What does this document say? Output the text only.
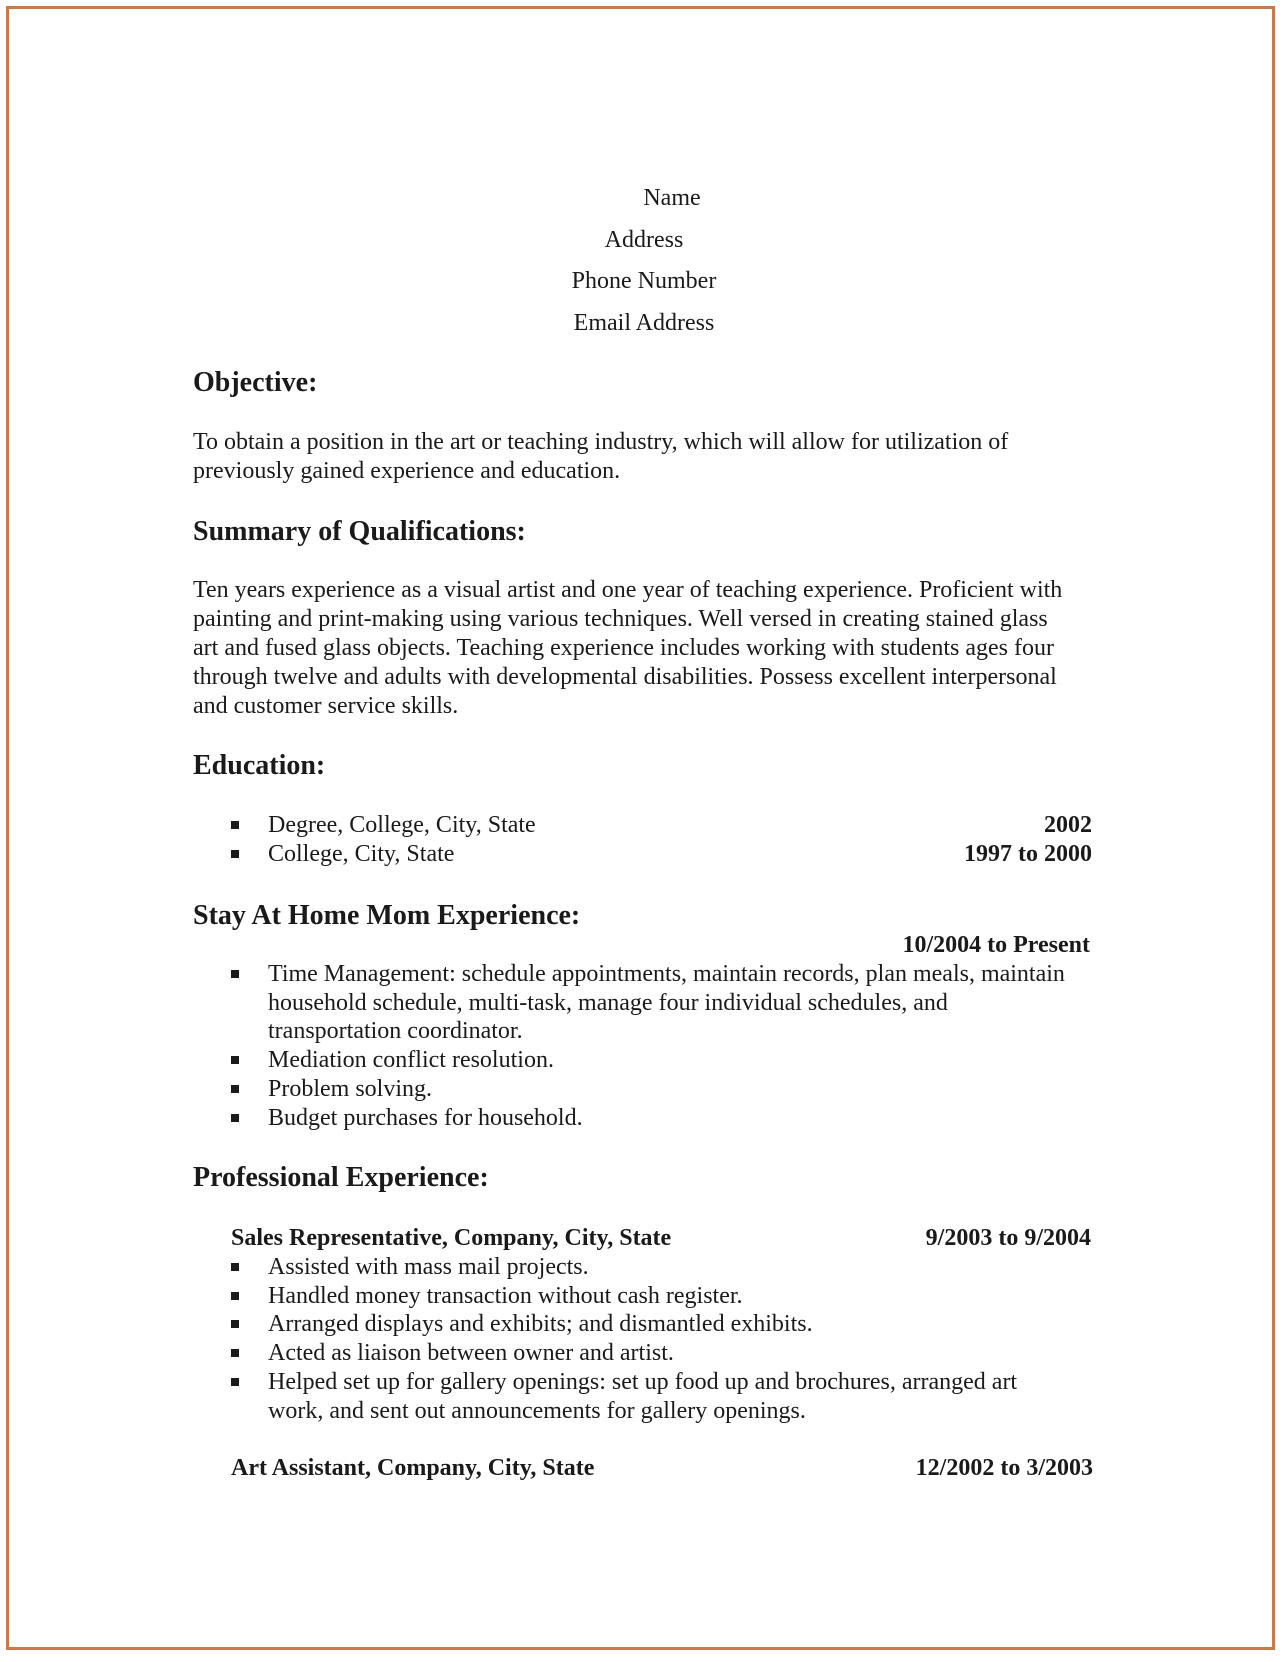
Name
Address
Phone Number
Email Address
Objective:

To obtain a position in the art or teaching industry, which will allow for utilization of previously gained experience and education.

Summary of Qualifications:

Ten years experience as a visual artist and one year of teaching experience. Proficient with painting and print-making using various techniques. Well versed in creating stained glass art and fused glass objects. Teaching experience includes working with students ages four through twelve and adults with developmental disabilities. Possess excellent interpersonal and customer service skills.

Education:
Degree, College, City, State	2002
College, City, State	1997 to 2000
Stay At Home Mom Experience:
10/2004 to Present
Time Management: schedule appointments, maintain records, plan meals, maintain household schedule, multi-task, manage four individual schedules, and transportation coordinator.
Mediation conflict resolution.
Problem solving.
Budget purchases for household.
Professional Experience:
Sales Representative, Company, City, State	9/2003 to 9/2004
Assisted with mass mail projects.
Handled money transaction without cash register.
Arranged displays and exhibits; and dismantled exhibits.
Acted as liaison between owner and artist.
Helped set up for gallery openings: set up food up and brochures, arranged art work, and sent out announcements for gallery openings.
Art Assistant, Company, City, State	12/2002 to 3/2003
